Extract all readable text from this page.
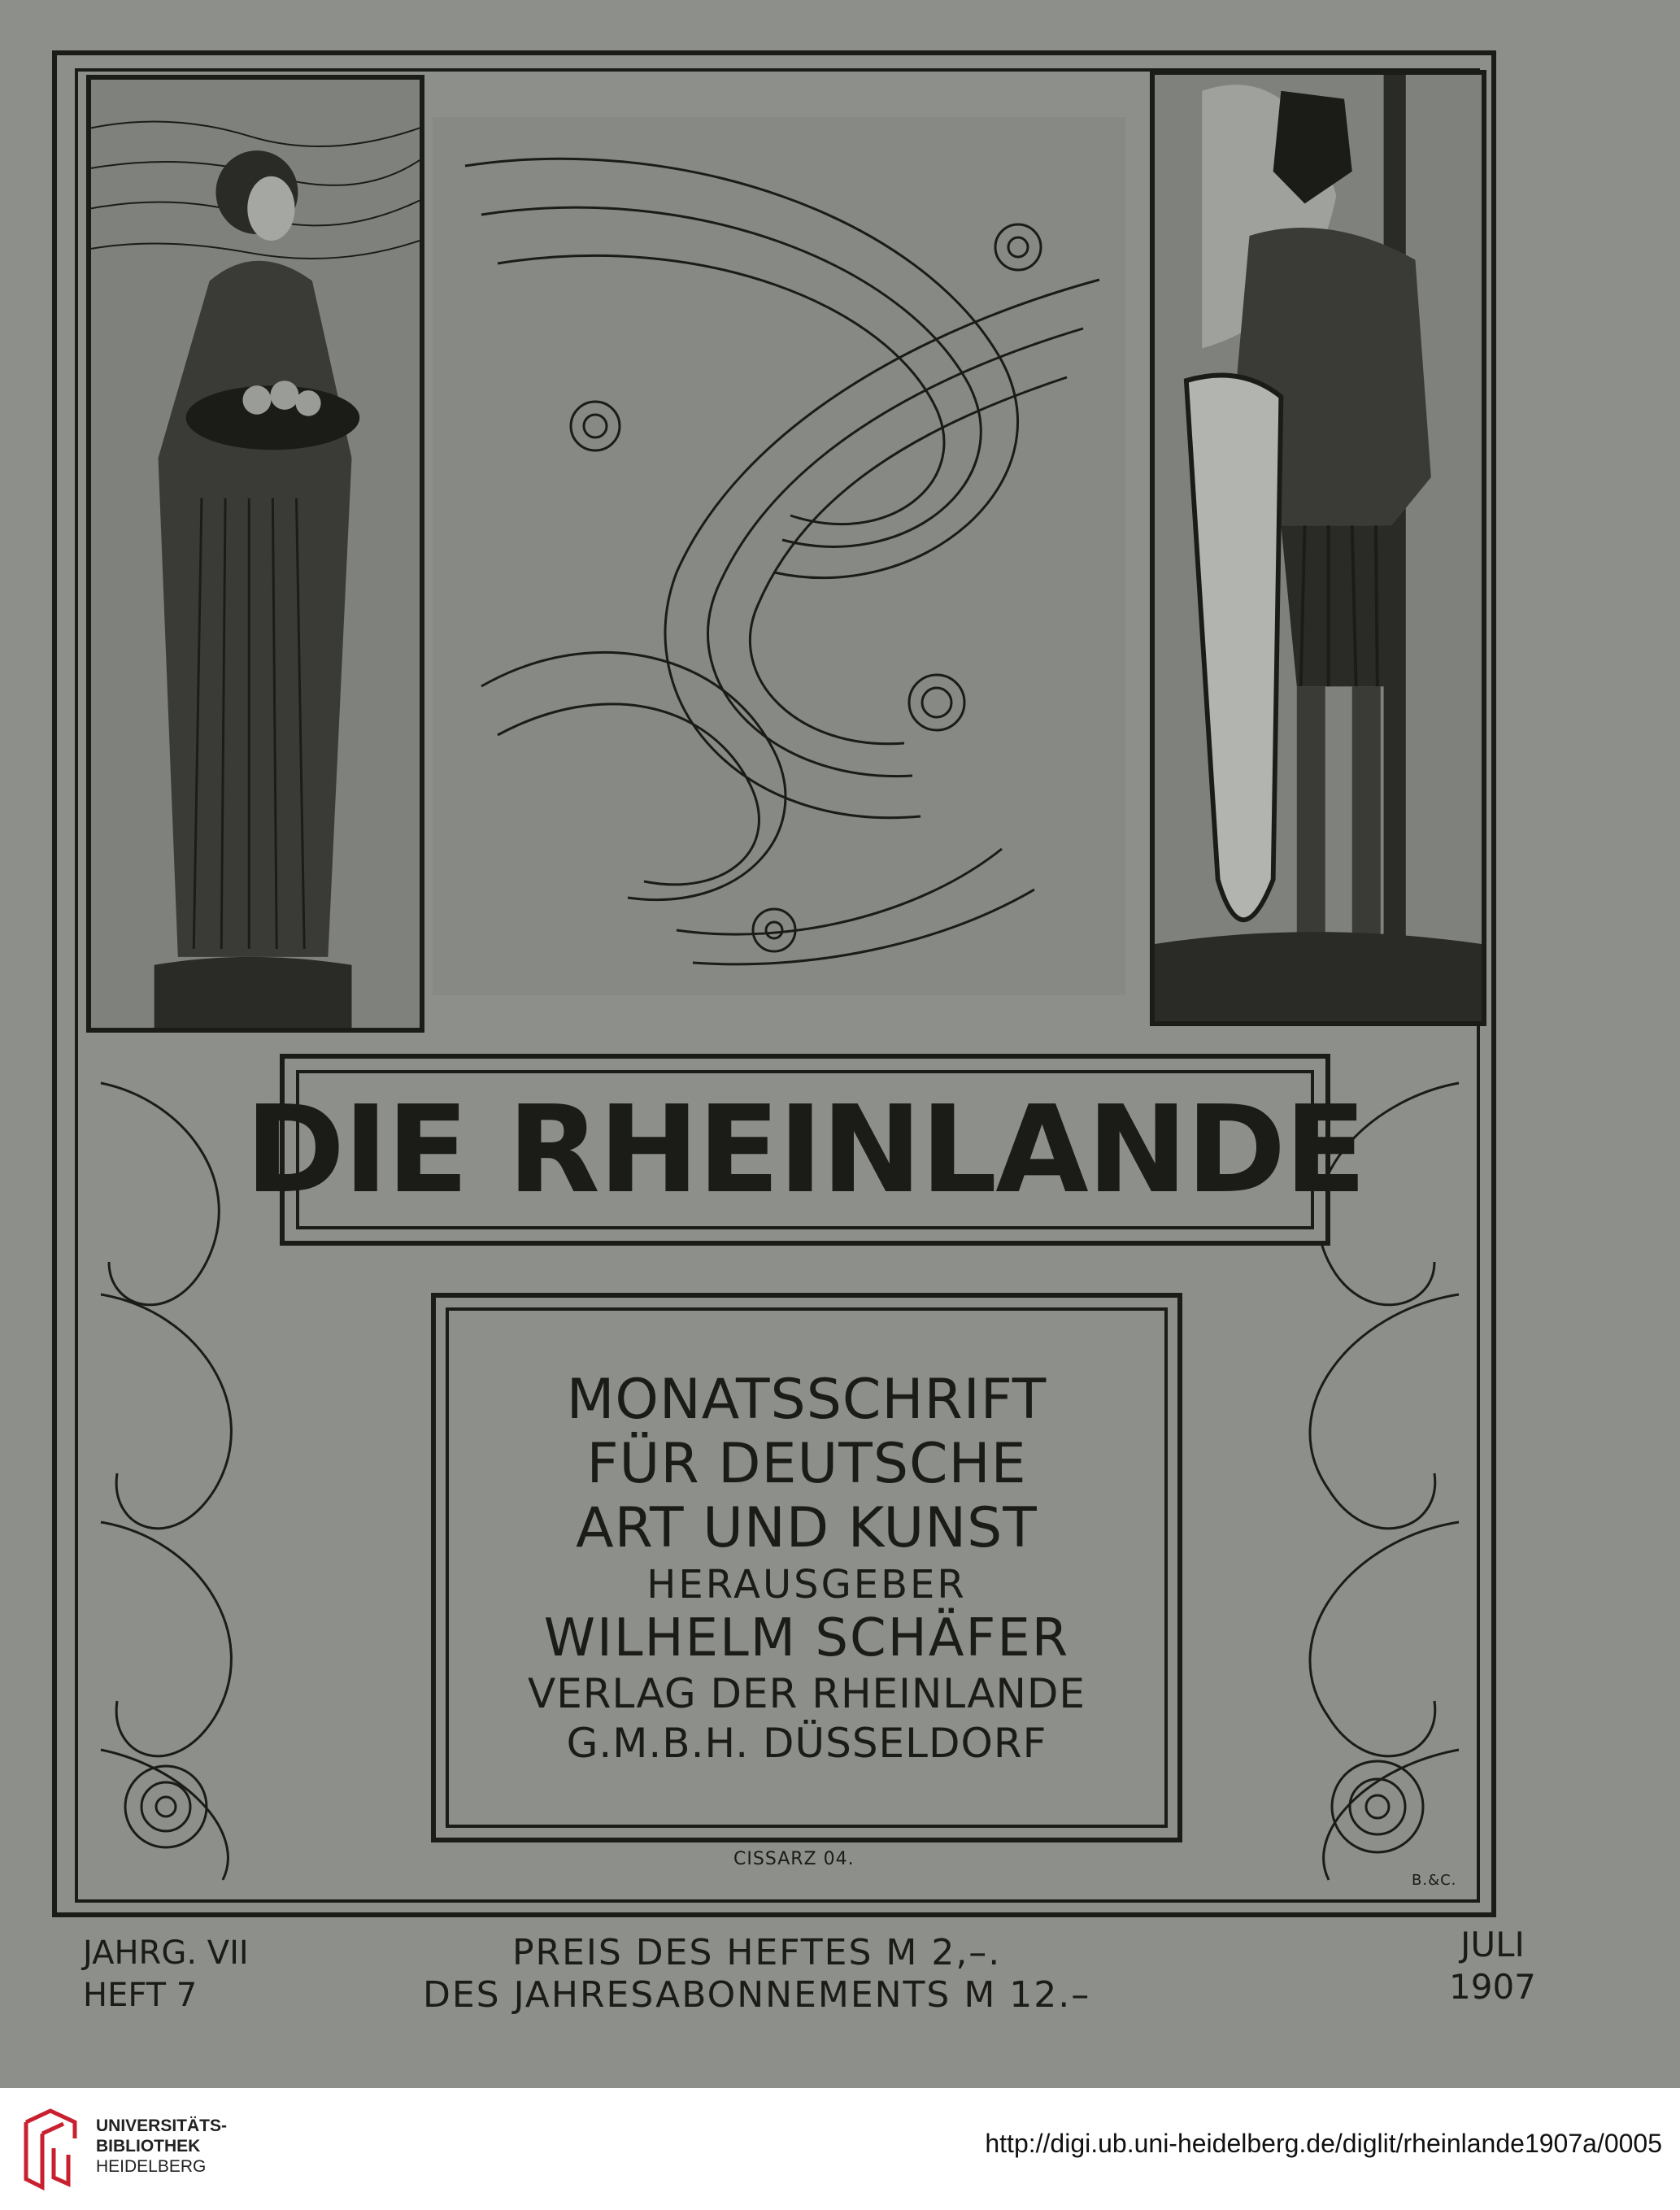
DIE RHEINLANDE
MONATSSCHRIFT
FÜR DEUTSCHE
ART UND KUNST
HERAUSGEBER
WILHELM SCHÄFER
VERLAG DER RHEINLANDE
G.M.B.H. DÜSSELDORF
CISSARZ 04.
B.&C.
JAHRG. VII
HEFT 7
PREIS DES HEFTES M 2,–.
DES JAHRESABONNEMENTS M 12.–
JULI
1907
UNIVERSITÄTS-
BIBLIOTHEK
HEIDELBERG
http://digi.ub.uni-heidelberg.de/diglit/rheinlande1907a/0005
